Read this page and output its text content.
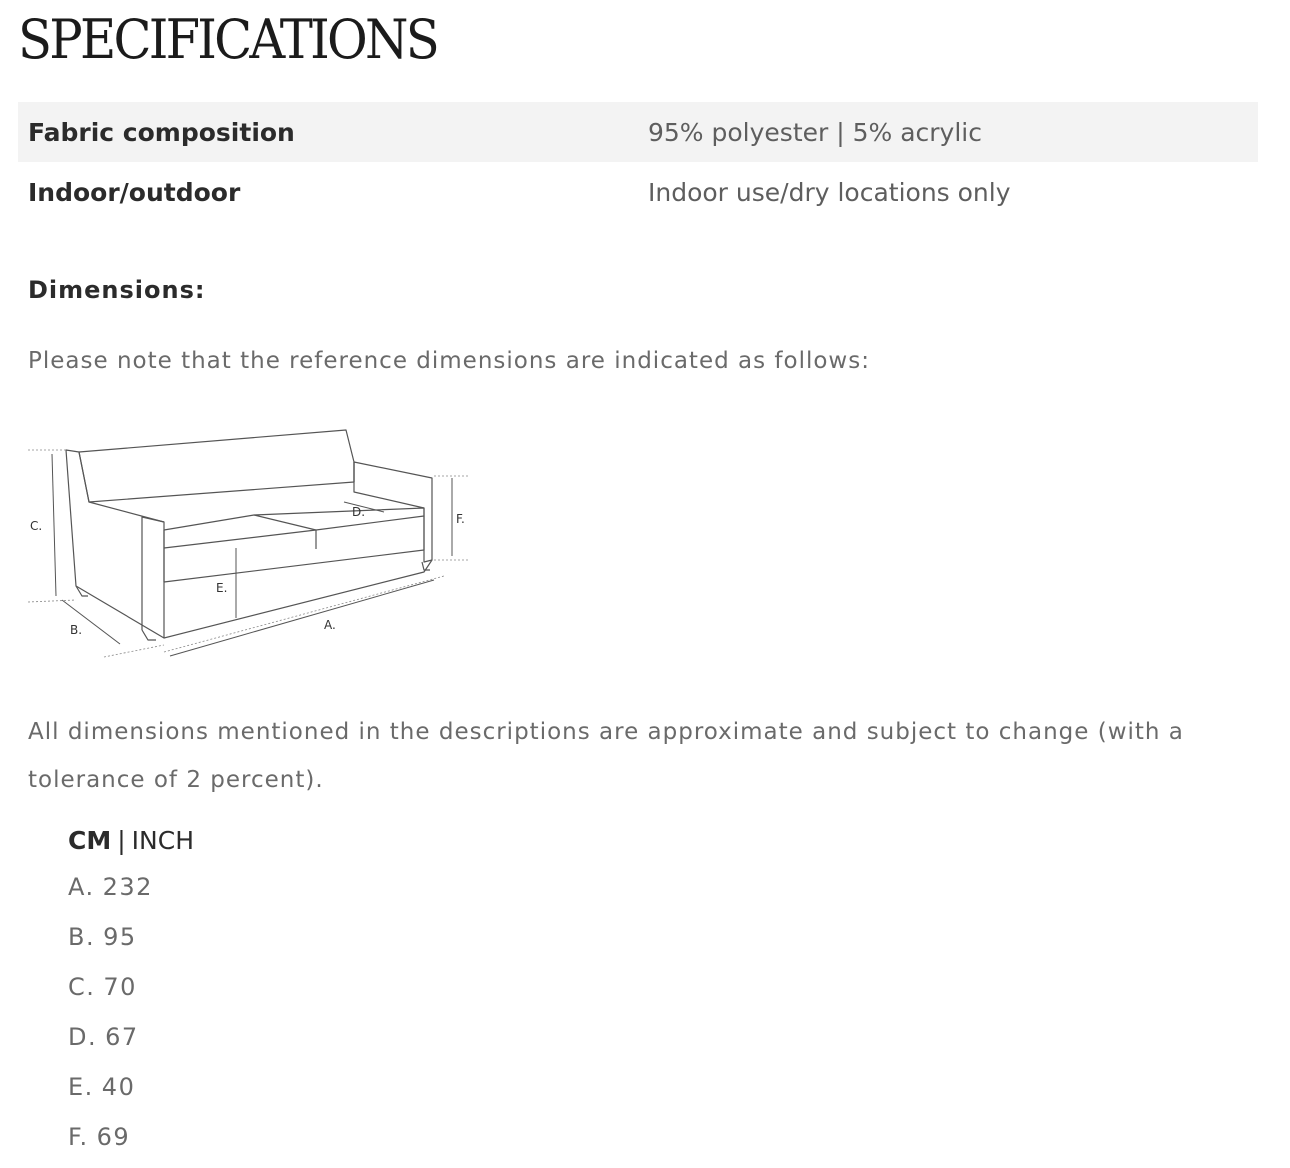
SPECIFICATIONS
Fabric composition	95% polyester | 5% acrylic
Indoor/outdoor	Indoor use/dry locations only
Dimensions:
Please note that the reference dimensions are indicated as follows:
A.
B.
C.
D.
E.
F.

All dimensions mentioned in the descriptions are approximate and subject to change (with a tolerance of 2 percent).

CM | INCH
A. 232
B. 95
C. 70
D. 67
E. 40
F. 69
